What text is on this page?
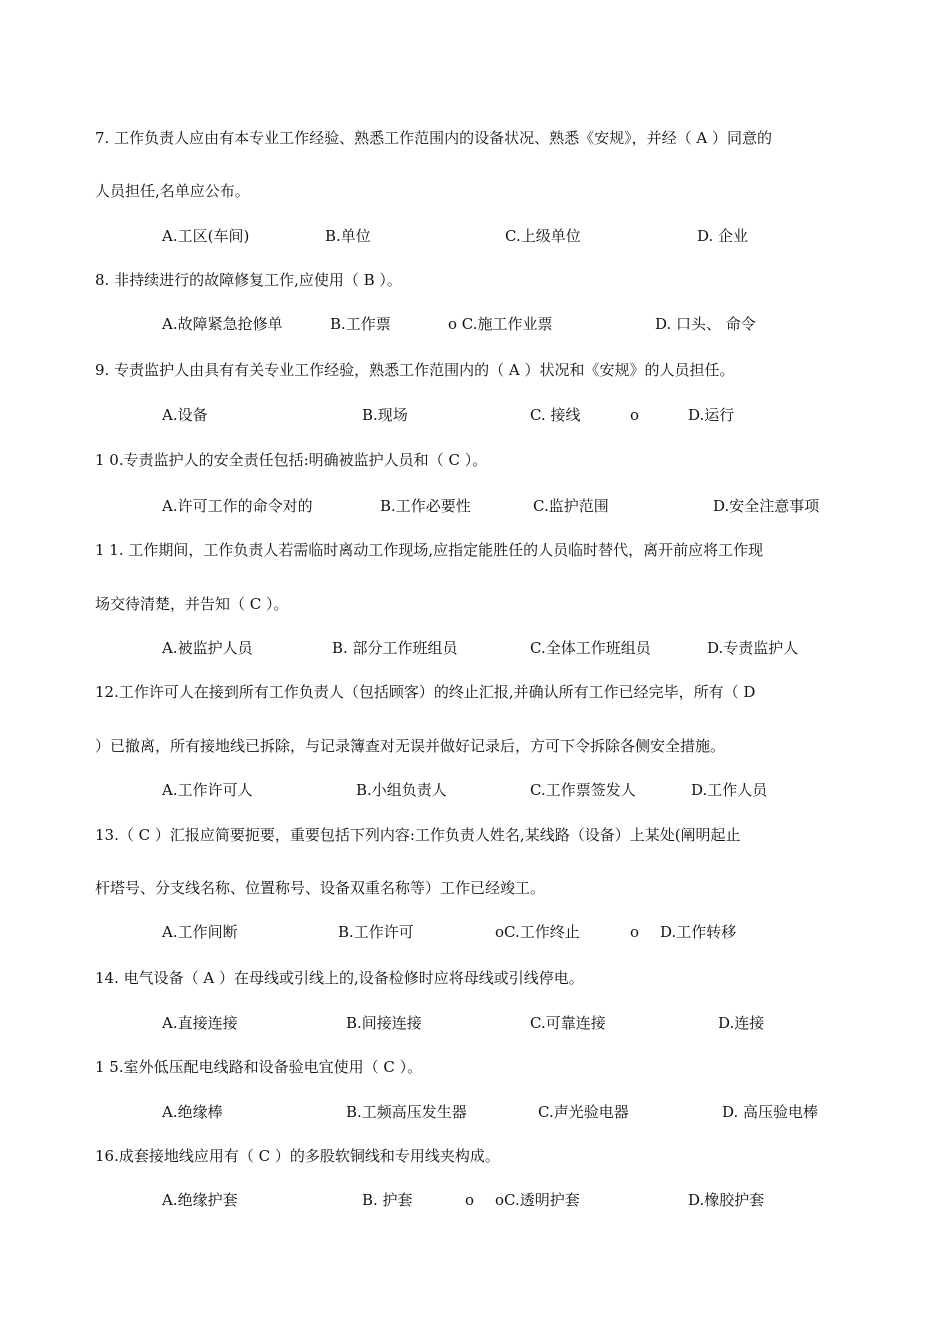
7. 工作负责人应由有本专业工作经验、熟悉工作范围内的设备状况、熟悉《安规》，并经（ A ）同意的
人员担任,名单应公布。
A.工区(车间)	B.单位	C.上级单位	D. 企业
8. 非持续进行的故障修复工作,应使用（ B ）。
A.故障紧急抢修单	B.工作票	o C.施工作业票	D. 口头、 命令
9. 专责监护人由具有有关专业工作经验，熟悉工作范围内的（ A ）状况和《安规》的人员担任。
A.设备	B.现场	C. 接线	o	D.运行
1 0.专责监护人的安全责任包括:明确被监护人员和（ C ）。
A.许可工作的命令对的	B.工作必要性	C.监护范围	D.安全注意事项
1 1. 工作期间，工作负责人若需临时离动工作现场,应指定能胜任的人员临时替代，离开前应将工作现
场交待清楚，并告知（ C ）。
A.被监护人员	B. 部分工作班组员	C.全体工作班组员	D.专责监护人
12.工作许可人在接到所有工作负责人（包括顾客）的终止汇报,并确认所有工作已经完毕，所有（ D
）已撤离，所有接地线已拆除，与记录簿查对无误并做好记录后，方可下令拆除各侧安全措施。
A.工作许可人	B.小组负责人	C.工作票签发人	D.工作人员
13.（ C ）汇报应简要扼要，重要包括下列内容:工作负责人姓名,某线路（设备）上某处(阐明起止
杆塔号、分支线名称、位置称号、设备双重名称等）工作已经竣工。
A.工作间断	B.工作许可	oC.工作终止	o D.工作转移
14. 电气设备（ A ）在母线或引线上的,设备检修时应将母线或引线停电。
A.直接连接	B.间接连接	C.可靠连接	D.连接
1 5.室外低压配电线路和设备验电宜使用（ C ）。
A.绝缘棒	B.工频高压发生器	C.声光验电器	D. 高压验电棒
16.成套接地线应用有（ C ）的多股软铜线和专用线夹构成。
A.绝缘护套	B. 护套	o oC.透明护套	D.橡胶护套
